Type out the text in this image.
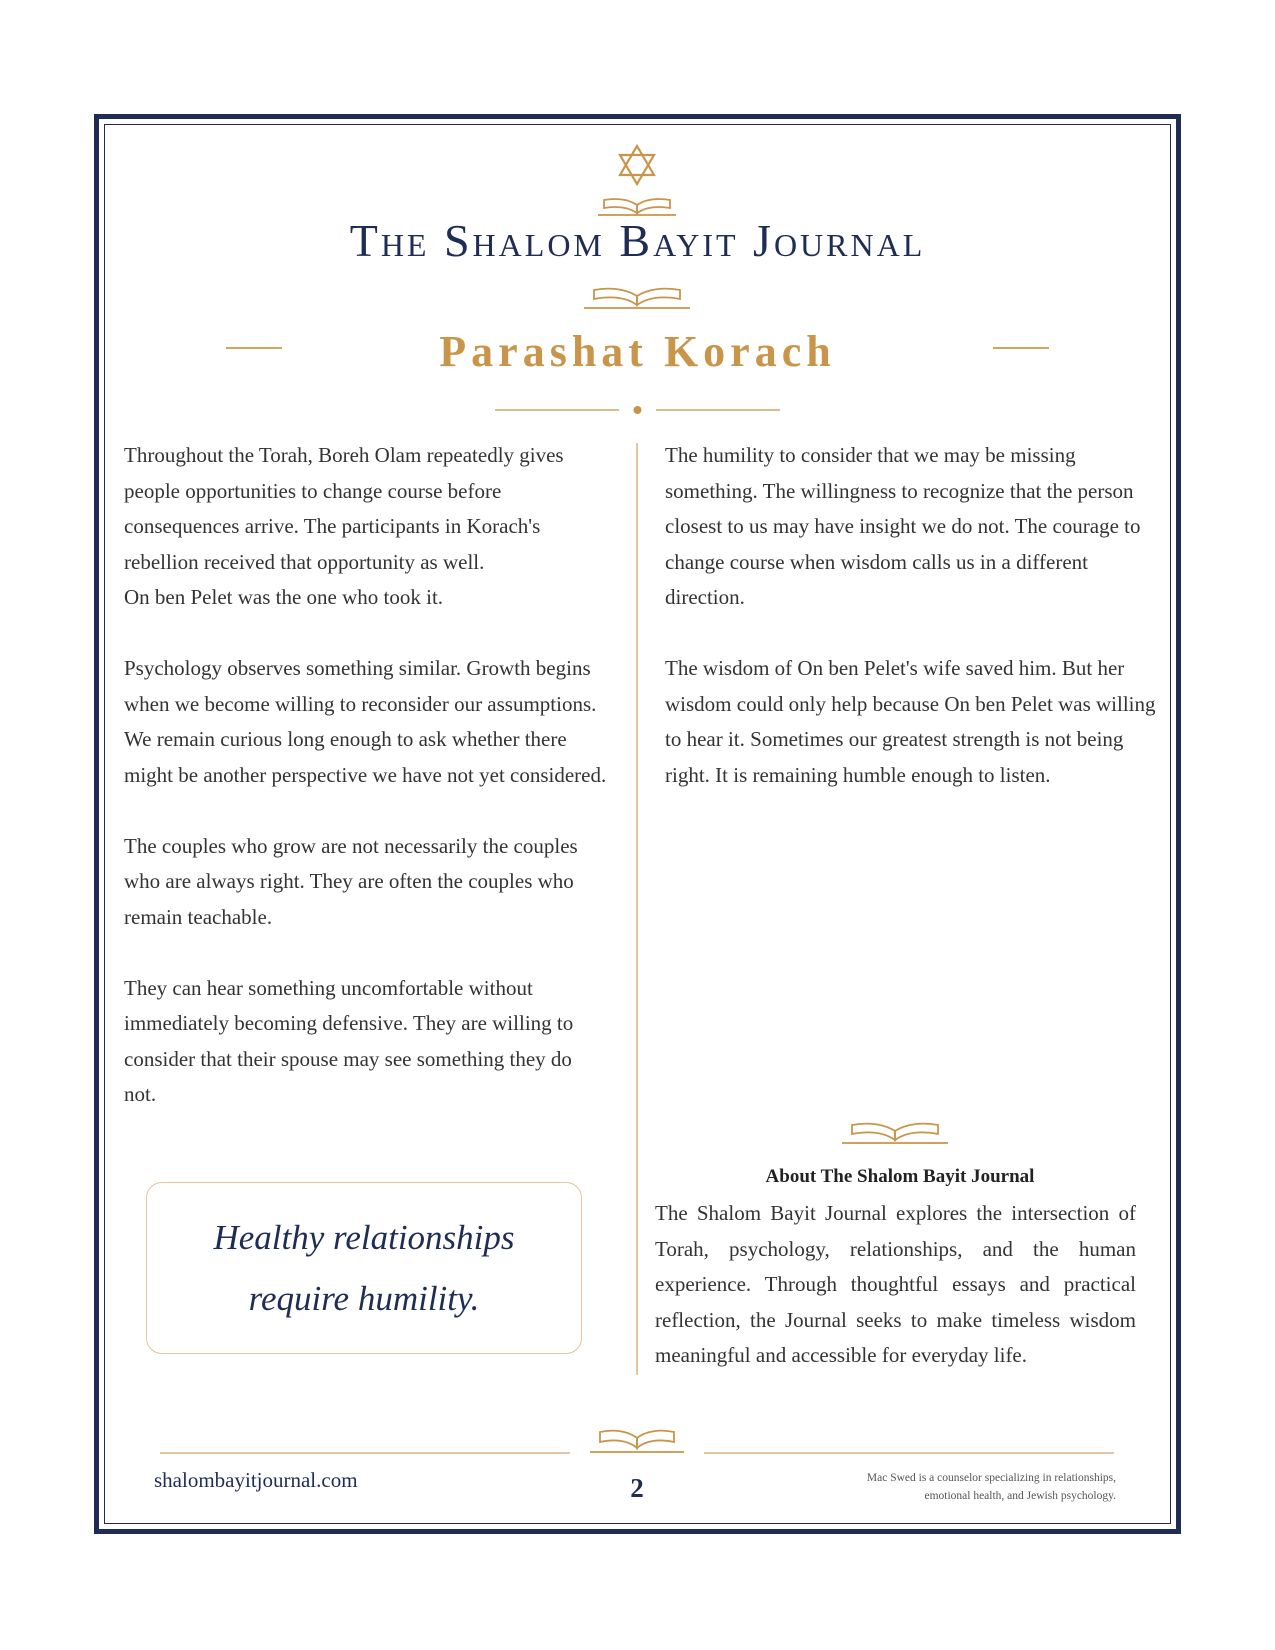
The Shalom Bayit Journal
Parashat Korach

Throughout the Torah, Boreh Olam repeatedly gives people opportunities to change course before consequences arrive. The participants in Korach's rebellion received that opportunity as well.
On ben Pelet was the one who took it.

Psychology observes something similar. Growth begins when we become willing to reconsider our assumptions. We remain curious long enough to ask whether there might be another perspective we have not yet considered.

The couples who grow are not necessarily the couples who are always right. They are often the couples who remain teachable.

They can hear something uncomfortable without immediately becoming defensive. They are willing to consider that their spouse may see something they do not.

Healthy relationships
require humility.

The humility to consider that we may be missing something. The willingness to recognize that the person closest to us may have insight we do not. The courage to change course when wisdom calls us in a different direction.

The wisdom of On ben Pelet's wife saved him. But her wisdom could only help because On ben Pelet was willing to hear it. Sometimes our greatest strength is not being right. It is remaining humble enough to listen.

About The Shalom Bayit Journal
The Shalom Bayit Journal explores the intersection of Torah, psychology, relationships, and the human experience. Through thoughtful essays and practical reflection, the Journal seeks to make timeless wisdom meaningful and accessible for everyday life.
shalombayitjournal.com	2	Mac Swed is a counselor specializing in relationships,
emotional health, and Jewish psychology.
